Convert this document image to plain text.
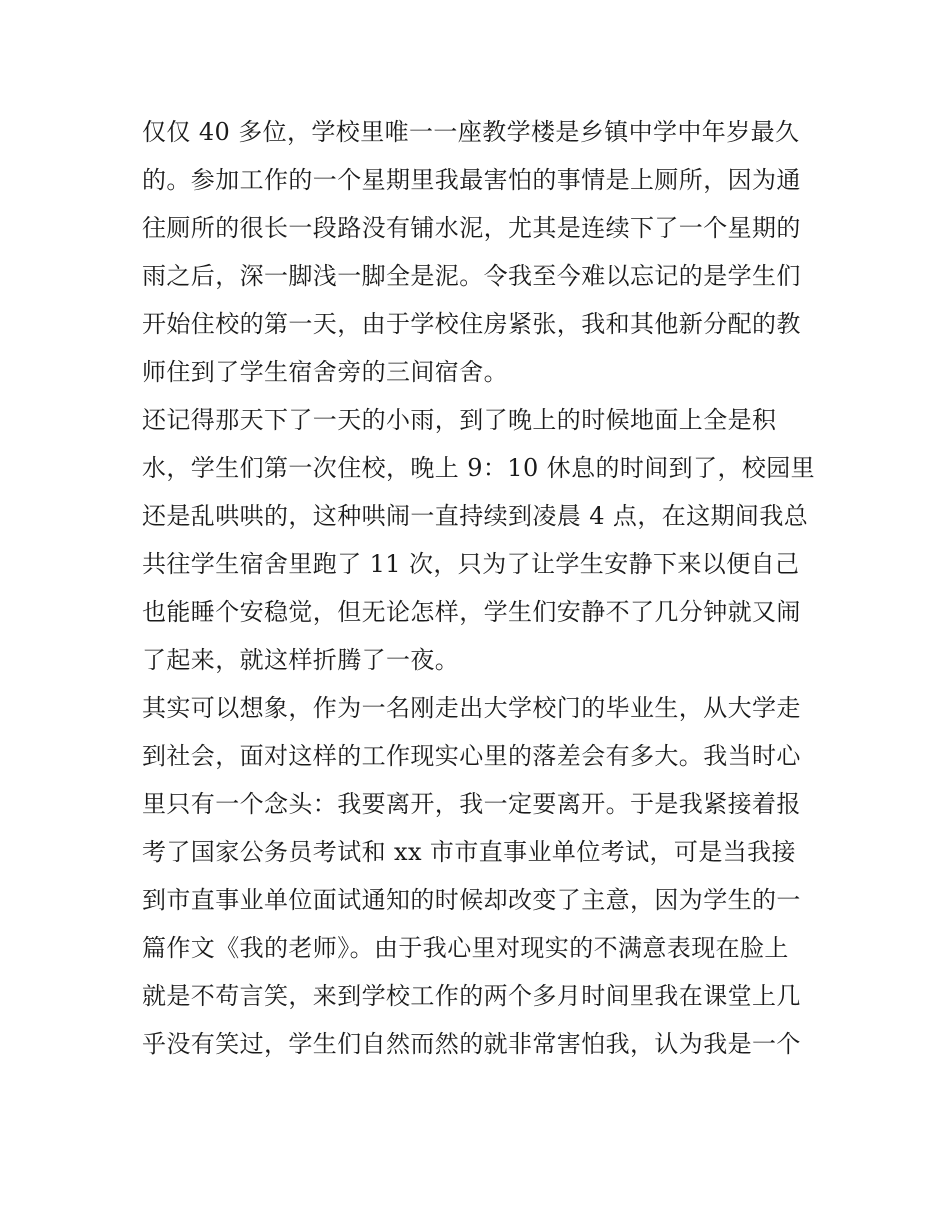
仅仅 40 多位，学校里唯一一座教学楼是乡镇中学中年岁最久
的。参加工作的一个星期里我最害怕的事情是上厕所，因为通
往厕所的很长一段路没有铺水泥，尤其是连续下了一个星期的
雨之后，深一脚浅一脚全是泥。令我至今难以忘记的是学生们
开始住校的第一天，由于学校住房紧张，我和其他新分配的教
师住到了学生宿舍旁的三间宿舍。
还记得那天下了一天的小雨，到了晚上的时候地面上全是积
水，学生们第一次住校，晚上 9：10 休息的时间到了，校园里
还是乱哄哄的，这种哄闹一直持续到凌晨 4 点，在这期间我总
共往学生宿舍里跑了 11 次，只为了让学生安静下来以便自己
也能睡个安稳觉，但无论怎样，学生们安静不了几分钟就又闹
了起来，就这样折腾了一夜。
其实可以想象，作为一名刚走出大学校门的毕业生，从大学走
到社会，面对这样的工作现实心里的落差会有多大。我当时心
里只有一个念头：我要离开，我一定要离开。于是我紧接着报
考了国家公务员考试和 xx 市市直事业单位考试，可是当我接
到市直事业单位面试通知的时候却改变了主意，因为学生的一
篇作文《我的老师》。由于我心里对现实的不满意表现在脸上
就是不苟言笑，来到学校工作的两个多月时间里我在课堂上几
乎没有笑过，学生们自然而然的就非常害怕我，认为我是一个
